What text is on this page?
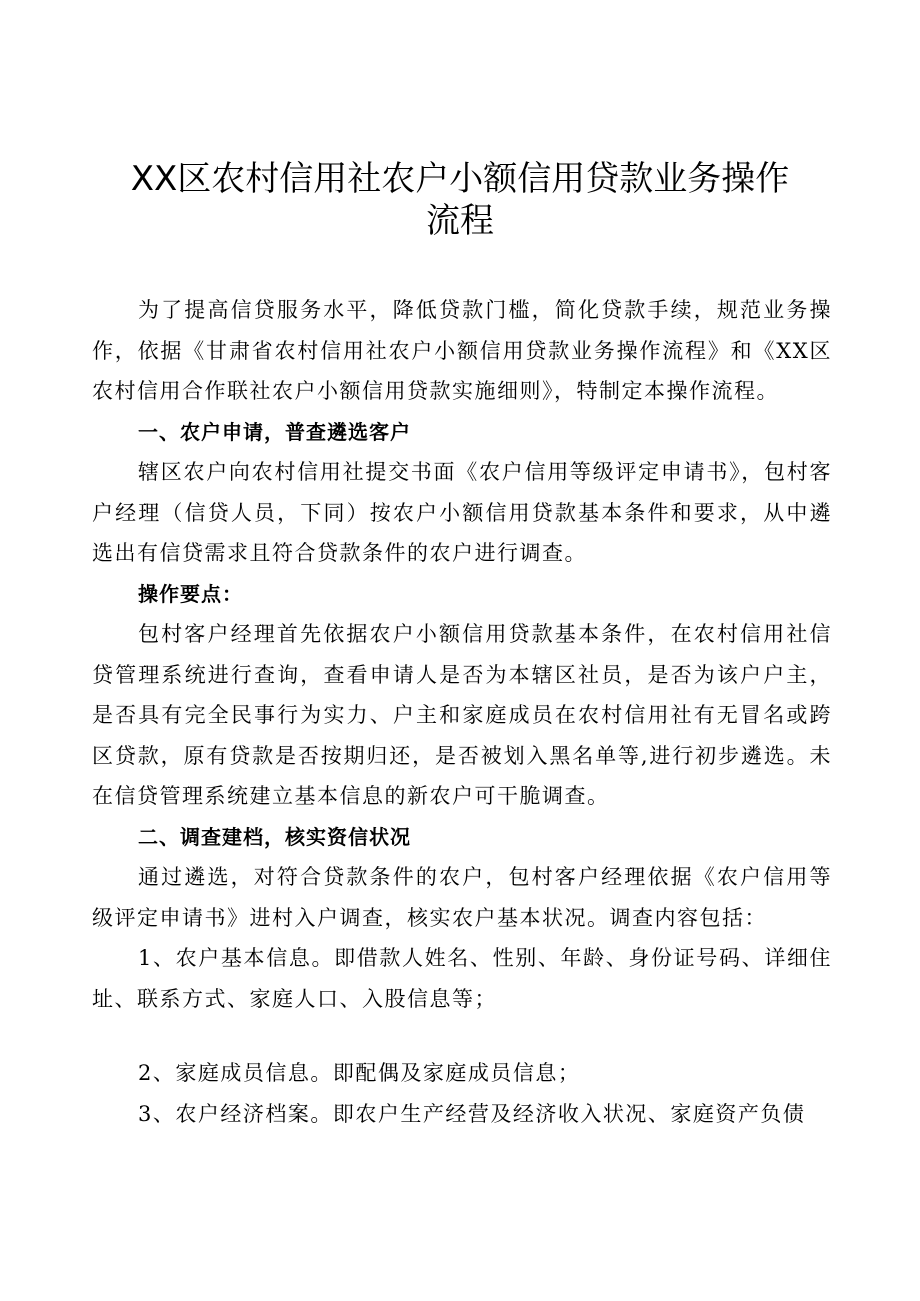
XX区农村信用社农户小额信用贷款业务操作
流程

为了提高信贷服务水平，降低贷款门槛，简化贷款手续，规范业务操作，依据《甘肃省农村信用社农户小额信用贷款业务操作流程》和《XX区农村信用合作联社农户小额信用贷款实施细则》，特制定本操作流程。

一、农户申请，普查遴选客户

辖区农户向农村信用社提交书面《农户信用等级评定申请书》，包村客户经理（信贷人员，下同）按农户小额信用贷款基本条件和要求，从中遴选出有信贷需求且符合贷款条件的农户进行调查。

操作要点：

包村客户经理首先依据农户小额信用贷款基本条件，在农村信用社信贷管理系统进行查询，查看申请人是否为本辖区社员，是否为该户户主，是否具有完全民事行为实力、户主和家庭成员在农村信用社有无冒名或跨区贷款，原有贷款是否按期归还，是否被划入黑名单等,进行初步遴选。未在信贷管理系统建立基本信息的新农户可干脆调查。

二、调查建档，核实资信状况

通过遴选，对符合贷款条件的农户，包村客户经理依据《农户信用等级评定申请书》进村入户调查，核实农户基本状况。调查内容包括：

1、农户基本信息。即借款人姓名、性别、年龄、身份证号码、详细住址、联系方式、家庭人口、入股信息等；

2、家庭成员信息。即配偶及家庭成员信息；

3、农户经济档案。即农户生产经营及经济收入状况、家庭资产负债
